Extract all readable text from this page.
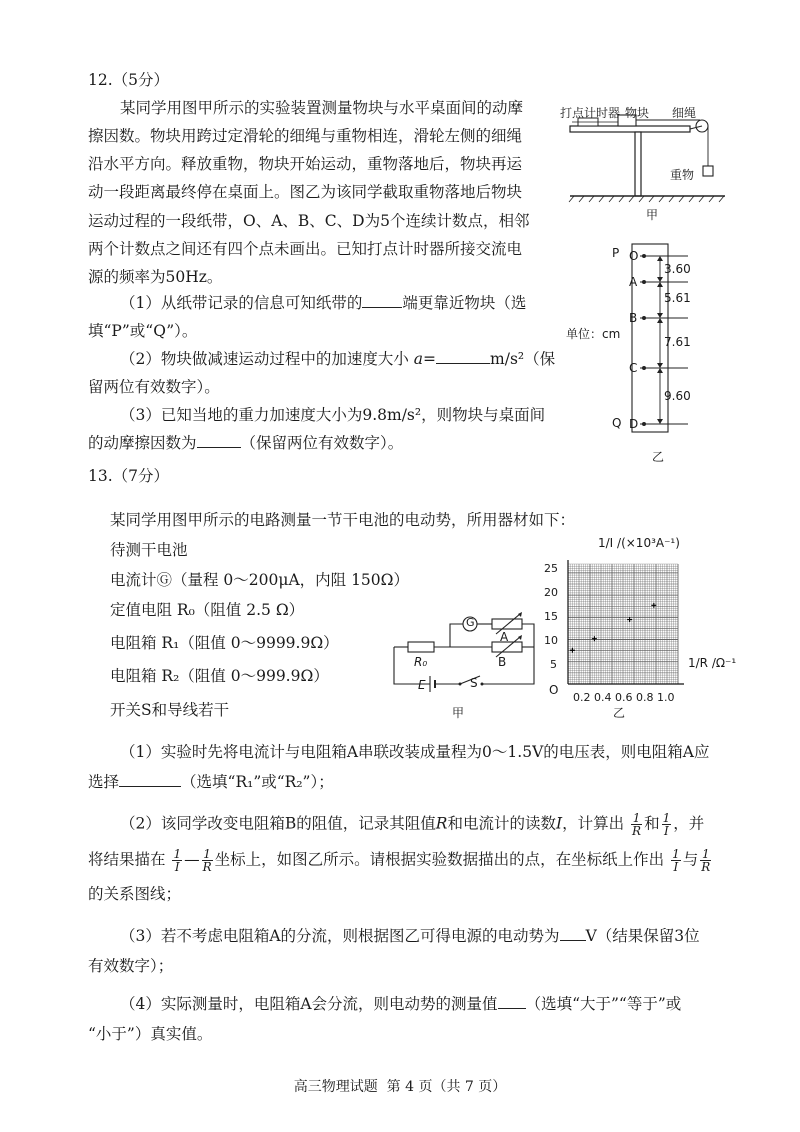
12.（5分）
某同学用图甲所示的实验装置测量物块与水平桌面间的动摩
擦因数。物块用跨过定滑轮的细绳与重物相连，滑轮左侧的细绳
沿水平方向。释放重物，物块开始运动，重物落地后，物块再运
动一段距离最终停在桌面上。图乙为该同学截取重物落地后物块
运动过程的一段纸带，O、A、B、C、D为5个连续计数点，相邻
两个计数点之间还有四个点未画出。已知打点计时器所接交流电
源的频率为50Hz。
（1）从纸带记录的信息可知纸带的	端更靠近物块（选
填“P”或“Q”）。
（2）物块做减速运动过程中的加速度大小 a=	m/s²（保
留两位有效数字）。
（3）已知当地的重力加速度大小为9.8m/s²，则物块与桌面间
的动摩擦因数为	（保留两位有效数字）。
打点计时器 物块 细绳
重物
甲
P
Q
O
A
B
C
D
3.60
5.61
7.61
9.60
单位：cm
乙
13.（7分）
某同学用图甲所示的电路测量一节干电池的电动势，所用器材如下：
待测干电池
电流计Ⓖ（量程 0～200μA，内阻 150Ω）
定值电阻 R₀（阻值 2.5 Ω）
电阻箱 R₁（阻值 0～9999.9Ω）
电阻箱 R₂（阻值 0～999.9Ω）
开关S和导线若干
G
A
B
R₀
E	S
甲
1/I /(×10³A⁻¹)
1/R /Ω⁻¹
O
0.2 0.4 0.6 0.8 1.0
5
10
15
20
25
乙
（1）实验时先将电流计与电阻箱A串联改装成量程为0～1.5V的电压表，则电阻箱A应
选择	（选填“R₁”或“R₂”）；
（2）该同学改变电阻箱B的阻值，记录其阻值R和电流计的读数I，计算出 $\frac{1}{R}$ 和 $\frac{1}{I}$ ，并
将结果描在 $\frac{1}{I}$ — $\frac{1}{R}$ 坐标上，如图乙所示。请根据实验数据描出的点，在坐标纸上作出 $\frac{1}{I}$ 与 $\frac{1}{R}$
的关系图线；
（3）若不考虑电阻箱A的分流，则根据图乙可得电源的电动势为 V（结果保留3位
有效数字）；
（4）实际测量时，电阻箱A会分流，则电动势的测量值 （选填“大于”“等于”或
“小于”）真实值。
高三物理试题 第 4 页（共 7 页）
